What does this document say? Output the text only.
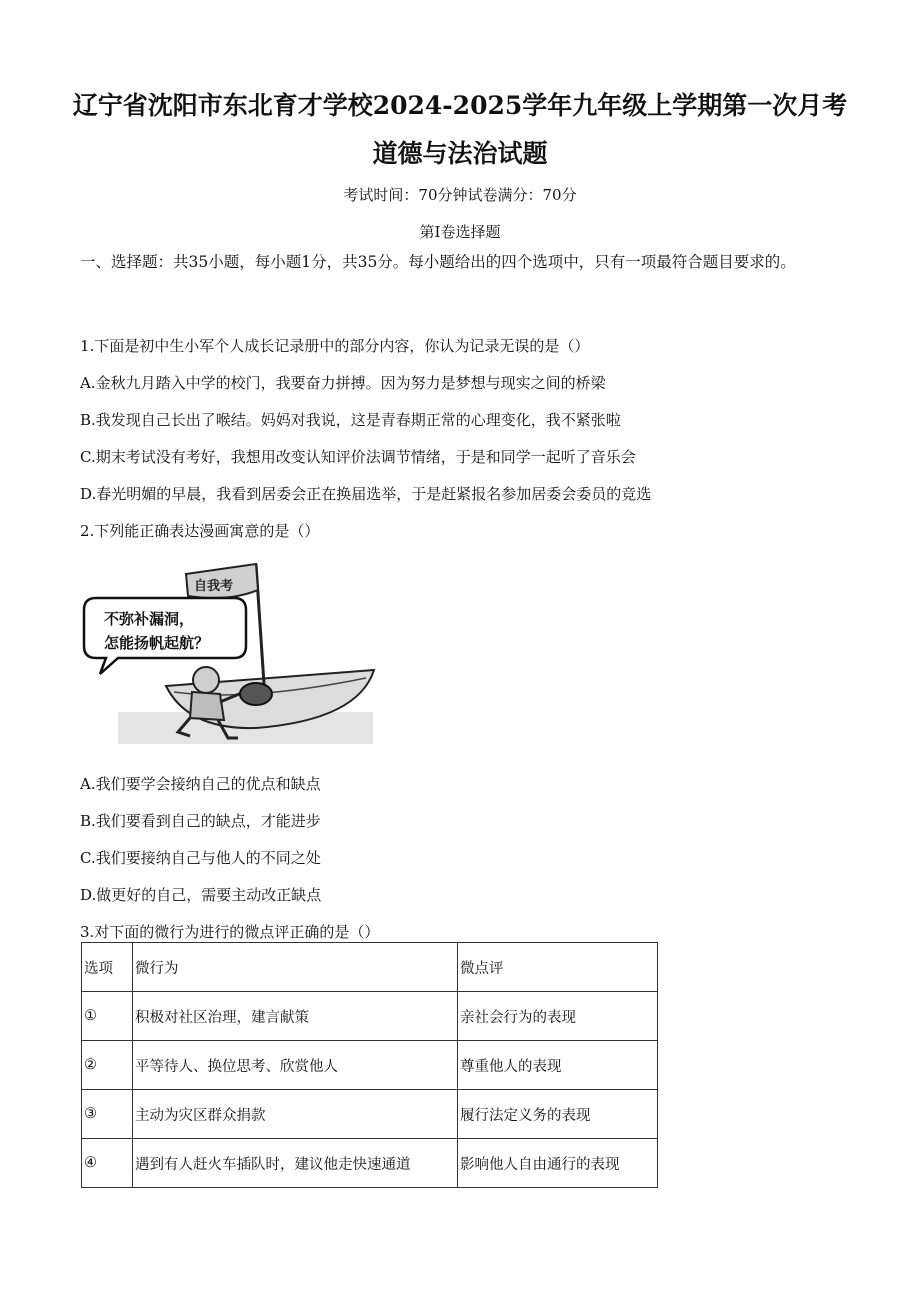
辽宁省沈阳市东北育才学校2024-2025学年九年级上学期第一次月考
道德与法治试题
考试时间：70分钟试卷满分：70分
第I卷选择题
一、选择题：共35小题，每小题1分，共35分。每小题给出的四个选项中，只有一项最符合题目要求的。
1.下面是初中生小军个人成长记录册中的部分内容，你认为记录无误的是（）
A.金秋九月踏入中学的校门，我要奋力拼搏。因为努力是梦想与现实之间的桥梁
B.我发现自己长出了喉结。妈妈对我说，这是青春期正常的心理变化，我不紧张啦
C.期末考试没有考好，我想用改变认知评价法调节情绪，于是和同学一起听了音乐会
D.春光明媚的早晨，我看到居委会正在换届选举，于是赶紧报名参加居委会委员的竞选
2.下列能正确表达漫画寓意的是（）
自我考
不弥补漏洞，
怎能扬帆起航？
A.我们要学会接纳自己的优点和缺点
B.我们要看到自己的缺点，才能进步
C.我们要接纳自己与他人的不同之处
D.做更好的自己，需要主动改正缺点
3.对下面的微行为进行的微点评正确的是（）
选项	微行为	微点评
①	积极对社区治理，建言献策	亲社会行为的表现
②	平等待人、换位思考、欣赏他人	尊重他人的表现
③	主动为灾区群众捐款	履行法定义务的表现
④	遇到有人赶火车插队时，建议他走快速通道	影响他人自由通行的表现
